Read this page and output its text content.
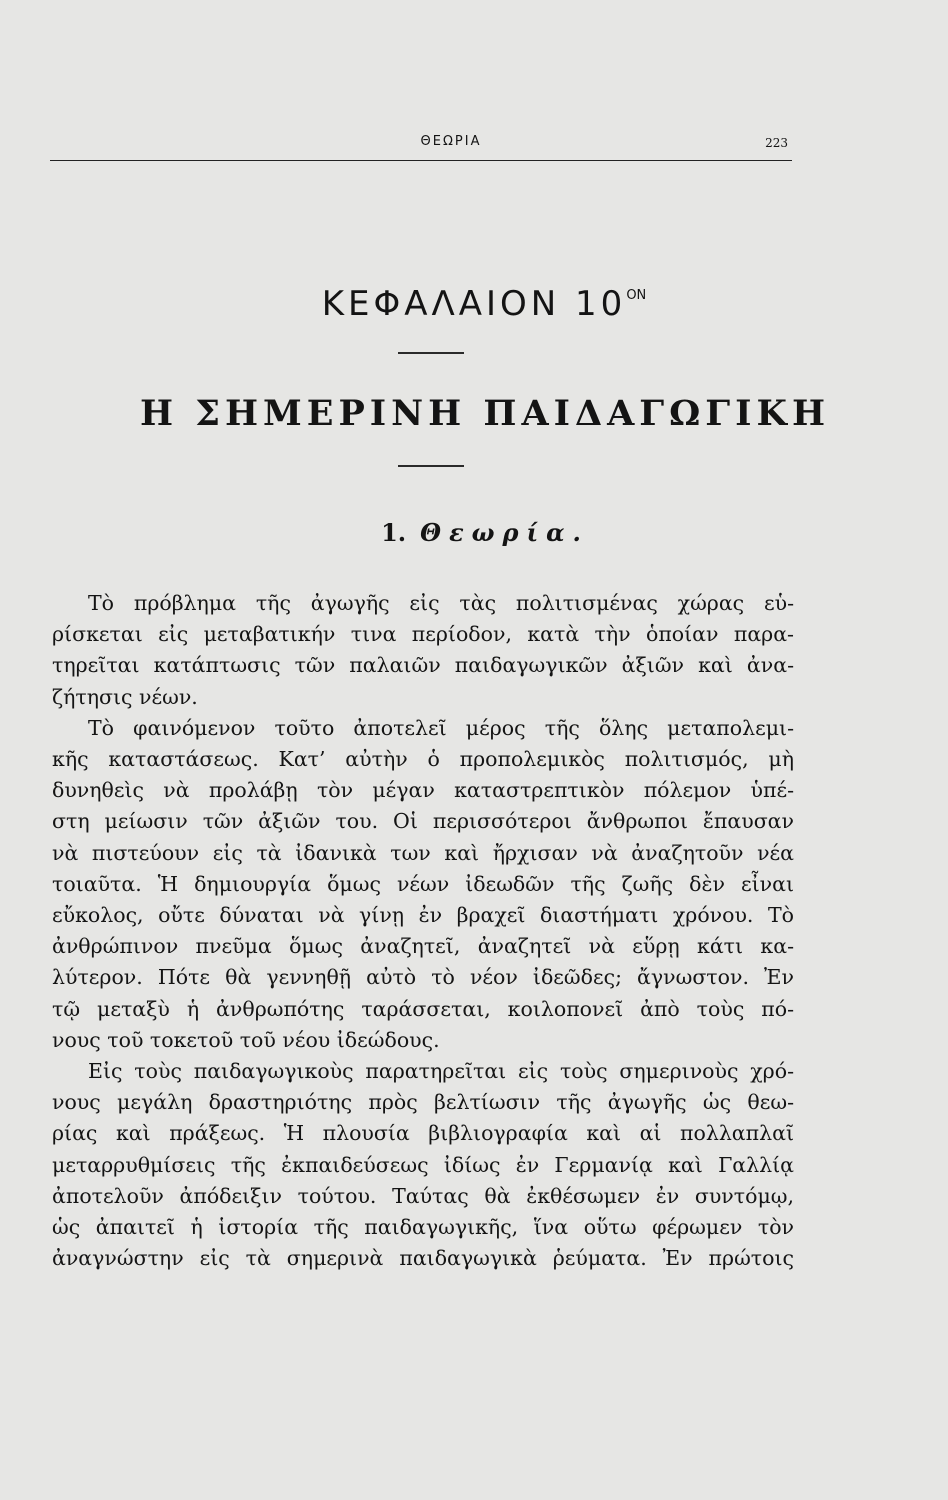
ΘΕΩΡΙΑ	223
ΚΕΦΑΛΑΙΟΝ $10^{ON}$
Η ΣΗΜΕΡΙΝΗ ΠΑΙΔΑΓΩΓΙΚΗ
1. Θεωρία.
Τὸ πρόβλημα τῆς ἀγωγῆς εἰς τὰς πολιτισμένας χώρας εὑ-
ρίσκεται εἰς μεταβατικήν τινα περίοδον, κατὰ τὴν ὁποίαν παρα-
τηρεῖται κατάπτωσις τῶν παλαιῶν παιδαγωγικῶν ἀξιῶν καὶ ἀνα-
ζήτησις νέων.
Τὸ φαινόμενον τοῦτο ἀποτελεῖ μέρος τῆς ὅλης μεταπολεμι-
κῆς καταστάσεως. Κατ’ αὐτὴν ὁ προπολεμικὸς πολιτισμός, μὴ
δυνηθεὶς νὰ προλάβῃ τὸν μέγαν καταστρεπτικὸν πόλεμον ὑπέ-
στη μείωσιν τῶν ἀξιῶν του. Οἱ περισσότεροι ἄνθρωποι ἔπαυσαν
νὰ πιστεύουν εἰς τὰ ἰδανικὰ των καὶ ἤρχισαν νὰ ἀναζητοῦν νέα
τοιαῦτα. Ἡ δημιουργία ὅμως νέων ἰδεωδῶν τῆς ζωῆς δὲν εἶναι
εὔκολος, οὔτε δύναται νὰ γίνῃ ἐν βραχεῖ διαστήματι χρόνου. Τὸ
ἀνθρώπινον πνεῦμα ὅμως ἀναζητεῖ, ἀναζητεῖ νὰ εὕρῃ κάτι κα-
λύτερον. Πότε θὰ γεννηθῇ αὐτὸ τὸ νέον ἰδεῶδες; ἄγνωστον. Ἐν
τῷ μεταξὺ ἡ ἀνθρωπότης ταράσσεται, κοιλοπονεῖ ἀπὸ τοὺς πό-
νους τοῦ τοκετοῦ τοῦ νέου ἰδεώδους.
Εἰς τοὺς παιδαγωγικοὺς παρατηρεῖται εἰς τοὺς σημερινοὺς χρό-
νους μεγάλη δραστηριότης πρὸς βελτίωσιν τῆς ἀγωγῆς ὡς θεω-
ρίας καὶ πράξεως. Ἡ πλουσία βιβλιογραφία καὶ αἱ πολλαπλαῖ
μεταρρυθμίσεις τῆς ἐκπαιδεύσεως ἰδίως ἐν Γερμανίᾳ καὶ Γαλλίᾳ
ἀποτελοῦν ἀπόδειξιν τούτου. Ταύτας θὰ ἐκθέσωμεν ἐν συντόμῳ,
ὡς ἀπαιτεῖ ἡ ἱστορία τῆς παιδαγωγικῆς, ἵνα οὕτω φέρωμεν τὸν
ἀναγνώστην εἰς τὰ σημερινὰ παιδαγωγικὰ ῥεύματα. Ἐν πρώτοις
